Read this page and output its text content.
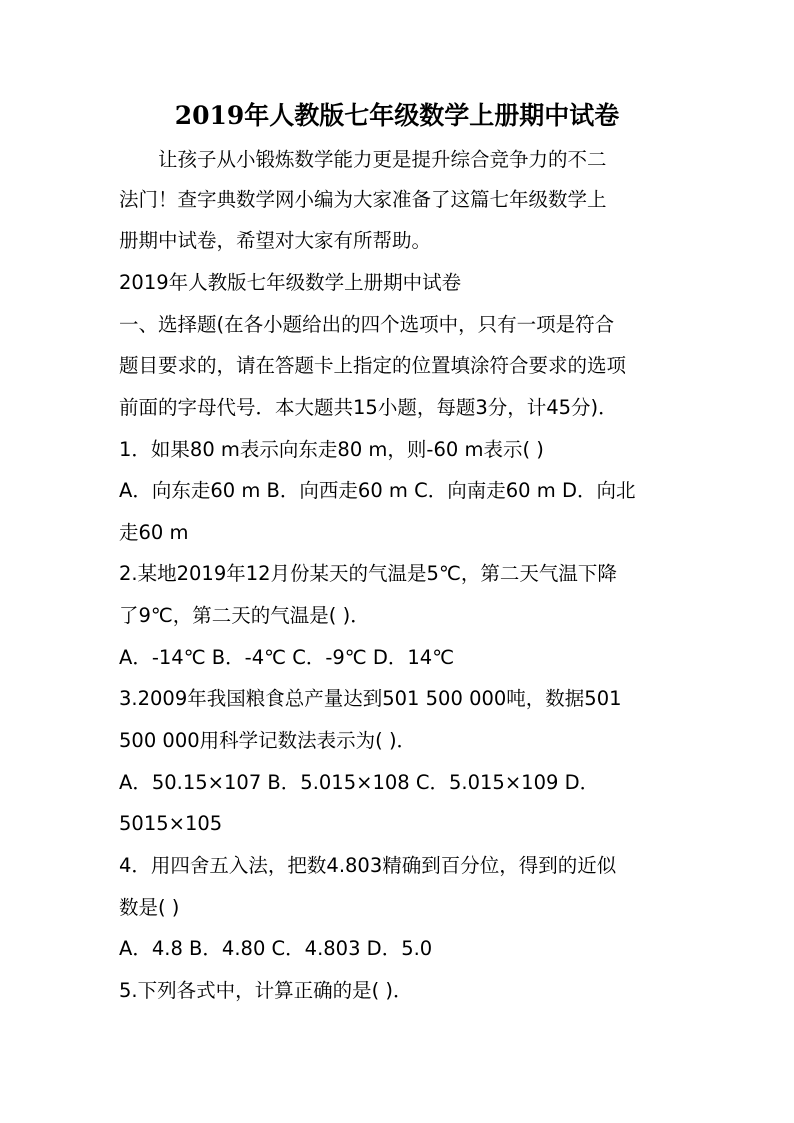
2019年人教版七年级数学上册期中试卷
让孩子从小锻炼数学能力更是提升综合竞争力的不二
法门！查字典数学网小编为大家准备了这篇七年级数学上
册期中试卷，希望对大家有所帮助。
2019年人教版七年级数学上册期中试卷
一、选择题(在各小题给出的四个选项中，只有一项是符合
题目要求的，请在答题卡上指定的位置填涂符合要求的选项
前面的字母代号．本大题共15小题，每题3分，计45分)．
1．如果80 m表示向东走80 m，则-60 m表示( )
A．向东走60 m B．向西走60 m C．向南走60 m D．向北
走60 m
2.某地2019年12月份某天的气温是5℃，第二天气温下降
了9℃，第二天的气温是( )．
A．-14℃ B．-4℃ C．-9℃ D．14℃
3.2009年我国粮食总产量达到501 500 000吨，数据501
500 000用科学记数法表示为( )．
A．50.15×107 B．5.015×108 C．5.015×109 D．
5015×105
4．用四舍五入法，把数4.803精确到百分位，得到的近似
数是( )
A．4.8 B．4.80 C．4.803 D．5.0
5.下列各式中，计算正确的是( )．
